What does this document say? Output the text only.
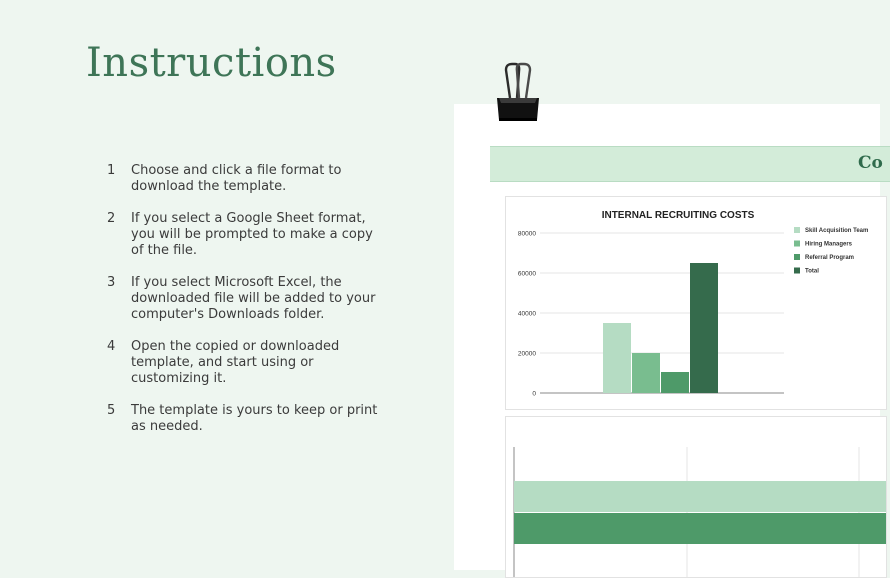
Instructions
1	Choose and click a file format to download the template.
2	If you select a Google Sheet format, you will be prompted to make a copy of the file.
3	If you select Microsoft Excel, the downloaded file will be added to your computer's Downloads folder.
4	Open the copied or downloaded template, and start using or customizing it.
5	The template is yours to keep or print as needed.
Co
INTERNAL RECRUITING COSTS
80000
60000
40000
20000
0
Skill Acquisition Team
Hiring Managers
Referral Program
Total
